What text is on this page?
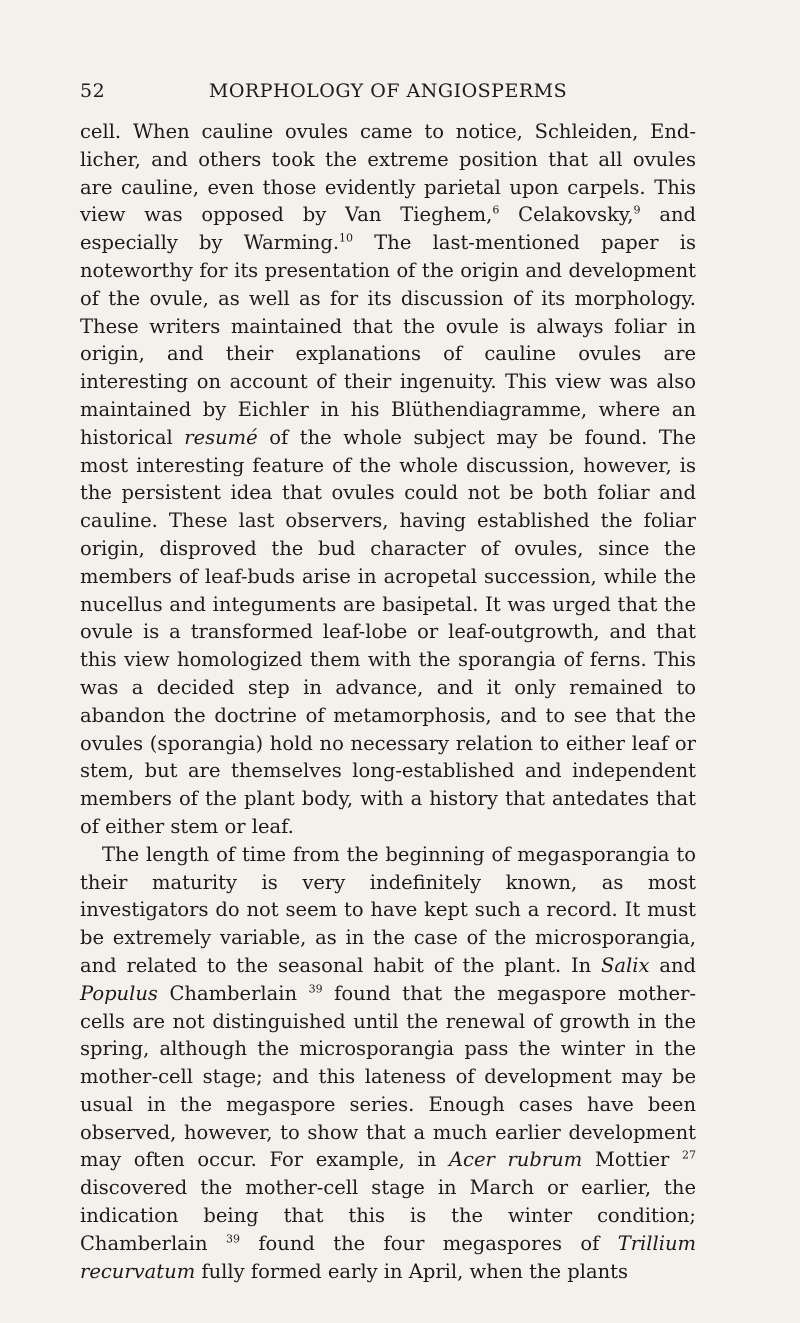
52	MORPHOLOGY OF ANGIOSPERMS

cell. When cauline ovules came to notice, Schleiden, Endlicher, and others took the extreme position that all ovules are cauline, even those evidently parietal upon carpels. This view was opposed by Van Tieghem,$^6$ Celakovsky,$^9$ and especially by Warming.$^{10}$ The last-mentioned paper is noteworthy for its presentation of the origin and development of the ovule, as well as for its discussion of its morphology. These writers maintained that the ovule is always foliar in origin, and their explanations of cauline ovules are interesting on account of their ingenuity. This view was also maintained by Eichler in his Blüthendiagramme, where an historical resumé of the whole subject may be found. The most interesting feature of the whole discussion, however, is the persistent idea that ovules could not be both foliar and cauline. These last observers, having established the foliar origin, disproved the bud character of ovules, since the members of leaf-buds arise in acropetal succession, while the nucellus and integuments are basipetal. It was urged that the ovule is a transformed leaf-lobe or leaf-outgrowth, and that this view homologized them with the sporangia of ferns. This was a decided step in advance, and it only remained to abandon the doctrine of metamorphosis, and to see that the ovules (sporangia) hold no necessary relation to either leaf or stem, but are themselves long-established and independent members of the plant body, with a history that antedates that of either stem or leaf.

The length of time from the beginning of megasporangia to their maturity is very indefinitely known, as most investigators do not seem to have kept such a record. It must be extremely variable, as in the case of the microsporangia, and related to the seasonal habit of the plant. In Salix and Populus Chamberlain $^{39}$ found that the megaspore mother-cells are not distinguished until the renewal of growth in the spring, although the microsporangia pass the winter in the mother-cell stage; and this lateness of development may be usual in the megaspore series. Enough cases have been observed, however, to show that a much earlier development may often occur. For example, in Acer rubrum Mottier $^{27}$ discovered the mother-cell stage in March or earlier, the indication being that this is the winter condition; Chamberlain $^{39}$ found the four megaspores of Trillium recurvatum fully formed early in April, when the plants
